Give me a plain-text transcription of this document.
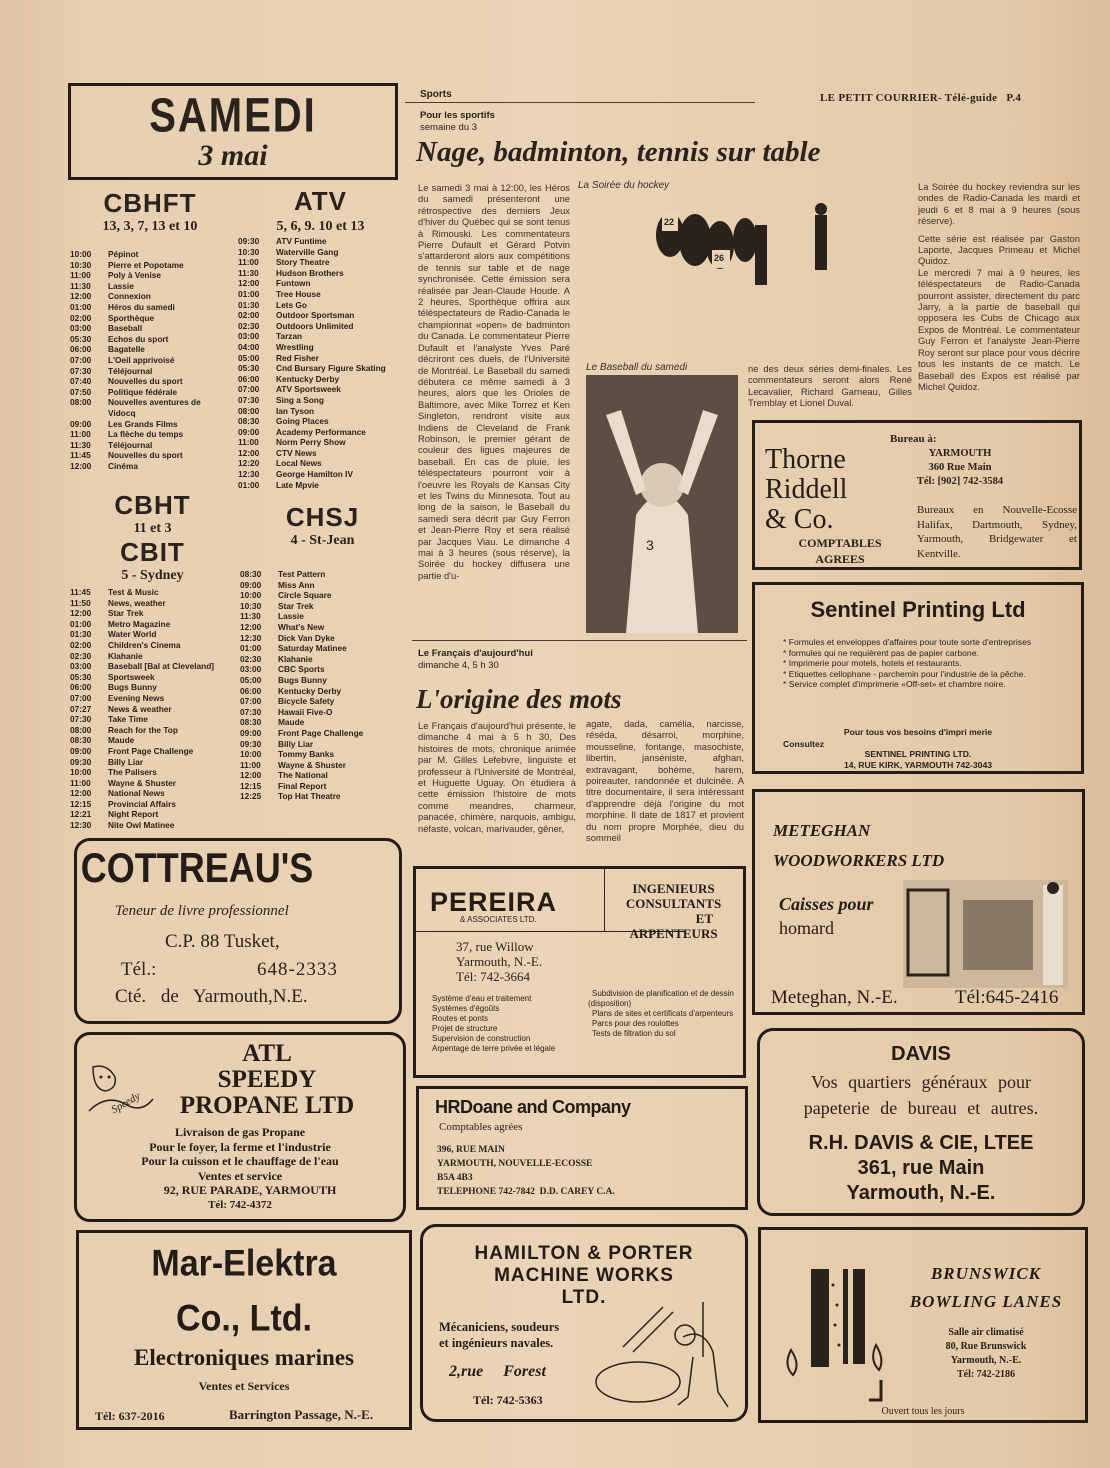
LE PETIT COURRIER- Télé-guide P.4
SAMEDI
3 mai
CBHFT
13, 3, 7, 13 et 10
10:00	Pépinot
10:30	Pierre et Popotame
11:00	Poly à Venise
11:30	Lassie
12:00	Connexion
01:00	Héros du samedi
02:00	Sporthèque
03:00	Baseball
05:30	Echos du sport
06:00	Bagatelle
07:00	L'Oeil apprivoisé
07:30	Téléjournal
07:40	Nouvelles du sport
07:50	Politique fédérale
08:00	Nouvelles aventures de Vidocq
09:00	Les Grands Films
11:00	La flèche du temps
11:30	Téléjournal
11:45	Nouvelles du sport
12:00	Cinéma
ATV
5, 6, 9. 10 et 13
09:30	ATV Funtime
10:30	Waterville Gang
11:00	Story Theatre
11:30	Hudson Brothers
12:00	Funtown
01:00	Tree House
01:30	Lets Go
02:00	Outdoor Sportsman
02:30	Outdoors Unlimited
03:00	Tarzan
04:00	Wrestling
05:00	Red Fisher
05:30	Cnd Bursary Figure Skating
06:00	Kentucky Derby
07:00	ATV Sportsweek
07:30	Sing a Song
08:00	Ian Tyson
08:30	Going Places
09:00	Academy Performance
11:00	Norm Perry Show
12:00	CTV News
12:20	Local News
12:30	George Hamilton IV
01:00	Late Mpvie
CBHT
11 et 3
CBIT
5 - Sydney
11:45	Test & Music
11:50	News, weather
12:00	Star Trek
01:00	Metro Magazine
01:30	Water World
02:00	Children's Cinema
02:30	Klahanie
03:00	Baseball [Bal at Cleveland]
05:30	Sportsweek
06:00	Bugs Bunny
07:00	Evening News
07:27	News & weather
07:30	Take Time
08:00	Reach for the Top
08:30	Maude
09:00	Front Page Challenge
09:30	Billy Liar
10:00	The Palisers
11:00	Wayne & Shuster
12:00	National News
12:15	Provincial Affairs
12:21	Night Report
12:30	Nite Owl Matinee
CHSJ
4 - St-Jean
08:30	Test Pattern
09:00	Miss Ann
10:00	Circle Square
10:30	Star Trek
11:30	Lassie
12:00	What's New
12:30	Dick Van Dyke
01:00	Saturday Matinee
02:30	Klahanie
03:00	CBC Sports
05:00	Bugs Bunny
06:00	Kentucky Derby
07:00	Bicycle Safety
07:30	Hawaii Five-O
08:30	Maude
09:00	Front Page Challenge
09:30	Billy Liar
10:00	Tommy Banks
11:00	Wayne & Shuster
12:00	The National
12:15	Final Report
12:25	Top Hat Theatre
Sports
Pour les sportifs
semaine du 3
Nage, badminton, tennis sur table
Le samedi 3 mai à 12:00, les Héros du samedi présenteront une rétrospective des derniers Jeux d'hiver du Québec qui se sont tenus à Rimouski. Les commentateurs Pierre Dufault et Gérard Potvin s'attarderont alors aux compétitions de tennis sur table et de nage synchronisée. Cette émission sera réalisée par Jean-Claude Houde. A 2 heures, Sporthèque offrira aux téléspectateurs de Radio-Canada le championnat «open» de badminton du Canada. Le commentateur Pierre Dufault et l'analyste Yves Paré décriront ces duels, de l'Université de Montréal. Le Baseball du samedi débutera ce même samedi à 3 heures, alors que les Orioles de Baltimore, avec Mike Torrez et Ken Singleton, rendront visite aux Indiens de Cleveland de Frank Robinson, le premier gérant de couleur des ligues majeures de baseball. En cas de pluie, les téléspectateurs pourront voir à l'oeuvre les Royals de Kansas City et les Twins du Minnesota. Tout au long de la saison, le Baseball du samedi sera décrit par Guy Ferron et Jean-Pierre Roy et sera réalisé par Jacques Viau. Le dimanche 4 mai à 3 heures (sous réserve), la Soirée du hockey diffusera une partie d'u-
La Soirée du hockey
22
26
Le Baseball du samedi
3
ne des deux séries demi-finales. Les commentateurs seront alors René Lecavalier, Richard Garneau, Gilles Tremblay et Lionel Duval.

La Soirée du hockey reviendra sur les ondes de Radio-Canada les mardi et jeudi 6 et 8 mai à 9 heures (sous réserve).

Cette série est réalisée par Gaston Laporte, Jacques Primeau et Michel Quidoz.

Le mercredi 7 mai à 9 heures, les téléspectateurs de Radio-Canada pourront assister, directement du parc Jarry, à la partie de baseball qui opposera les Cubs de Chicago aux Expos de Montréal. Le commentateur Guy Ferron et l'analyste Jean-Pierre Roy seront sur place pour vous décrire tous les instants de ce match. Le Baseball des Expos est réalisé par Michel Quidoz.

Le Français d'aujourd'hui
dimanche 4, 5 h 30
L'origine des mots
Le Français d'aujourd'hui présente, le dimanche 4 mai à 5 h 30, Des histoires de mots, chronique animée par M. Gilles Lefebvre, linguiste et professeur à l'Université de Montréal, et Huguette Uguay. On étudiera à cette émission l'histoire de mots comme meandres, charmeur, panacée, chimère, narquois, ambigu, néfaste, volcan, marivauder, gêner,
agate, dada, camélia, narcisse, réséda, désarroi, morphine, mousseline, fontange, masochiste, libertin, janséniste, afghan, extravagant, bohème, harem, poireauter, randonnée et dulcinée. A titre documentaire, il sera intéressant d'apprendre déjà l'origine du mot morphine. Il date de 1817 et provient du nom propre Morphée, dieu du sommeil
Thorne
Riddell
& Co.
COMPTABLES
AGREES
Bureau à:
YARMOUTH
360 Rue Main
Tél: [902] 742-3584
Bureaux en Nouvelle-Ecosse Halifax, Dartmouth, Sydney, Yarmouth, Bridgewater et Kentville.
Sentinel Printing Ltd
* Formules et enveloppes d'affaires pour toute sorte d'entreprises
* formules qui ne requièrent pas de papier carbone.
* Imprimerie pour motels, hotels et restaurants.
* Etiquettes cellophane - parchemin pour l'industrie de la pêche.
* Service complet d'imprimerie «Off-set» et chambre noire.
Pour tous vos besoins d'impri merie
Consultez
SENTINEL PRINTING LTD.
14, RUE KIRK, YARMOUTH 742-3043
METEGHAN
WOODWORKERS LTD
Caisses pour
homard
Meteghan, N.-E.	Tél:645-2416
COTTREAU'S
Teneur de livre professionnel
C.P. 88 Tusket,
Tél.:	648-2333
Cté. de Yarmouth,N.E.
PEREIRA
& ASSOCIATES LTD.
INGENIEURS
CONSULTANTS
ET
ARPENTEURS
37, rue Willow
Yarmouth, N.-E.
Tél: 742-3664
Système d'eau et traitement
Systèmes d'égoûts
Routes et ponts
Projet de structure
Supervision de construction
Arpentage de terre privée et légale
Subdivision de planification et de dessin (disposition)
Plans de sites et certificats d'arpenteurs
Parcs pour des roulottes
Tests de filtration du sol
Speedy
ATL
SPEEDY
PROPANE LTD
Livraison de gas Propane
Pour le foyer, la ferme et l'industrie
Pour la cuisson et le chauffage de l'eau
Ventes et service
92, RUE PARADE, YARMOUTH
Tél: 742-4372
HRDoane and Company
Comptables agrées
396, RUE MAIN
YARMOUTH, NOUVELLE-ECOSSE
B5A 4B3
TELEPHONE 742-7842 D.D. CAREY C.A.
DAVIS
Vos quartiers généraux pour
papeterie de bureau et autres.
R.H. DAVIS & CIE, LTEE
361, rue Main
Yarmouth, N.-E.
Mar-Elektra
Co., Ltd.
Electroniques marines
Ventes et Services
Tél: 637-2016	Barrington Passage, N.-E.
HAMILTON & PORTER
MACHINE WORKS
LTD.
Mécaniciens, soudeurs
et ingénieurs navales.
2,rue Forest
Tél: 742-5363
BRUNSWICK
BOWLING LANES
Salle air climatisé
80, Rue Brunswick
Yarmouth, N.-E.
Tél: 742-2186
Ouvert tous les jours
